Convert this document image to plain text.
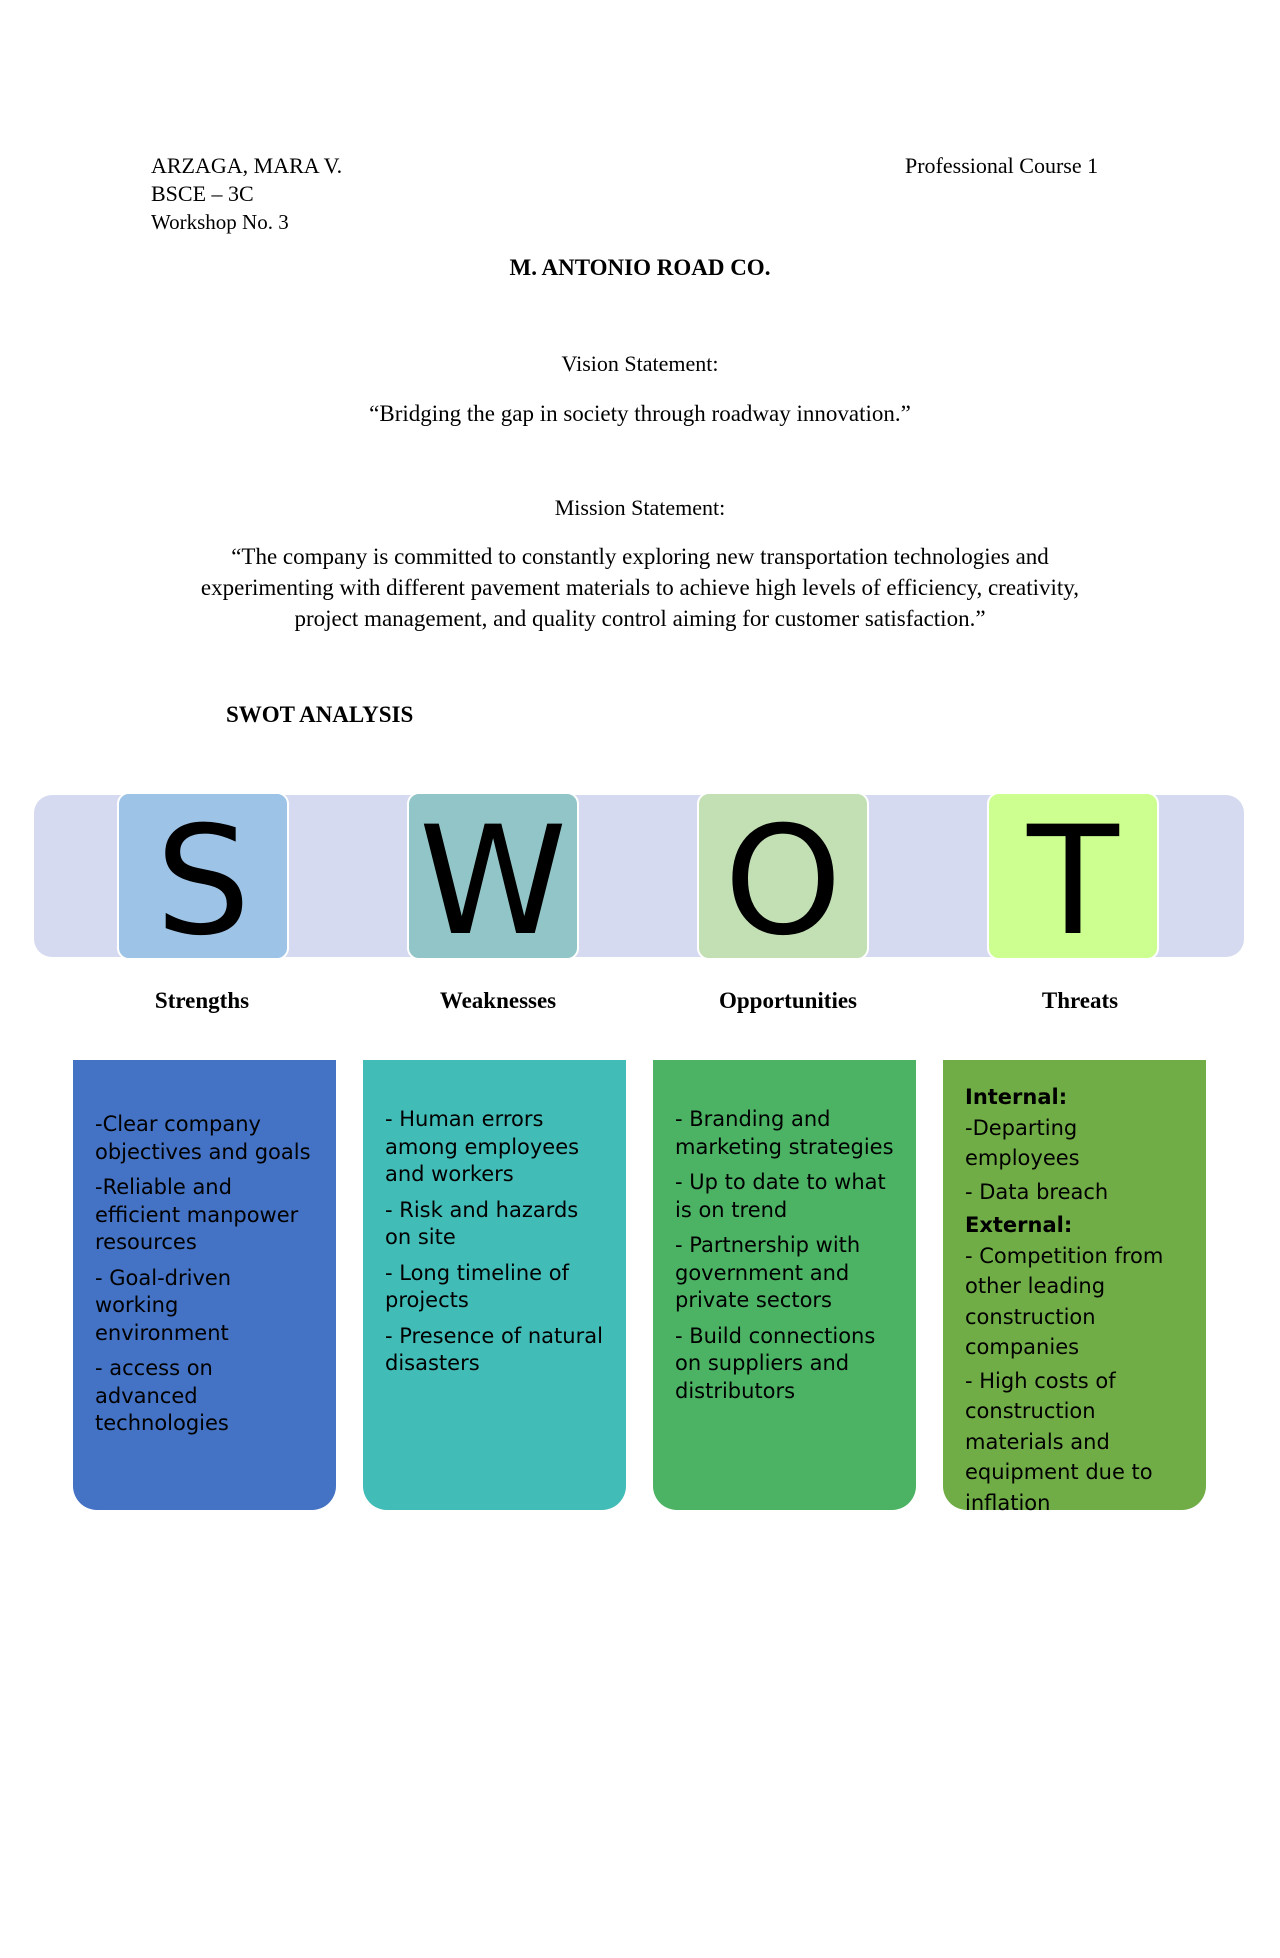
ARZAGA, MARA V.
BSCE – 3C
Workshop No. 3
Professional Course 1
M. ANTONIO ROAD CO.
Vision Statement:
“Bridging the gap in society through roadway innovation.”
Mission Statement:
“The company is committed to constantly exploring new transportation technologies and
experimenting with different pavement materials to achieve high levels of efficiency, creativity,
project management, and quality control aiming for customer satisfaction.”
SWOT ANALYSIS
S W O T
Strengths	Weaknesses	Opportunities	Threats
-Clear company objectives and goals
-Reliable and efficient manpower resources
- Goal-driven working environment
- access on advanced technologies
- Human errors among employees and workers
- Risk and hazards on site
- Long timeline of projects
- Presence of natural disasters
- Branding and marketing strategies
- Up to date to what is on trend
- Partnership with government and private sectors
- Build connections on suppliers and distributors
Internal:
-Departing employees
- Data breach
External:
- Competition from other leading construction companies
- High costs of construction materials and equipment due to inflation
